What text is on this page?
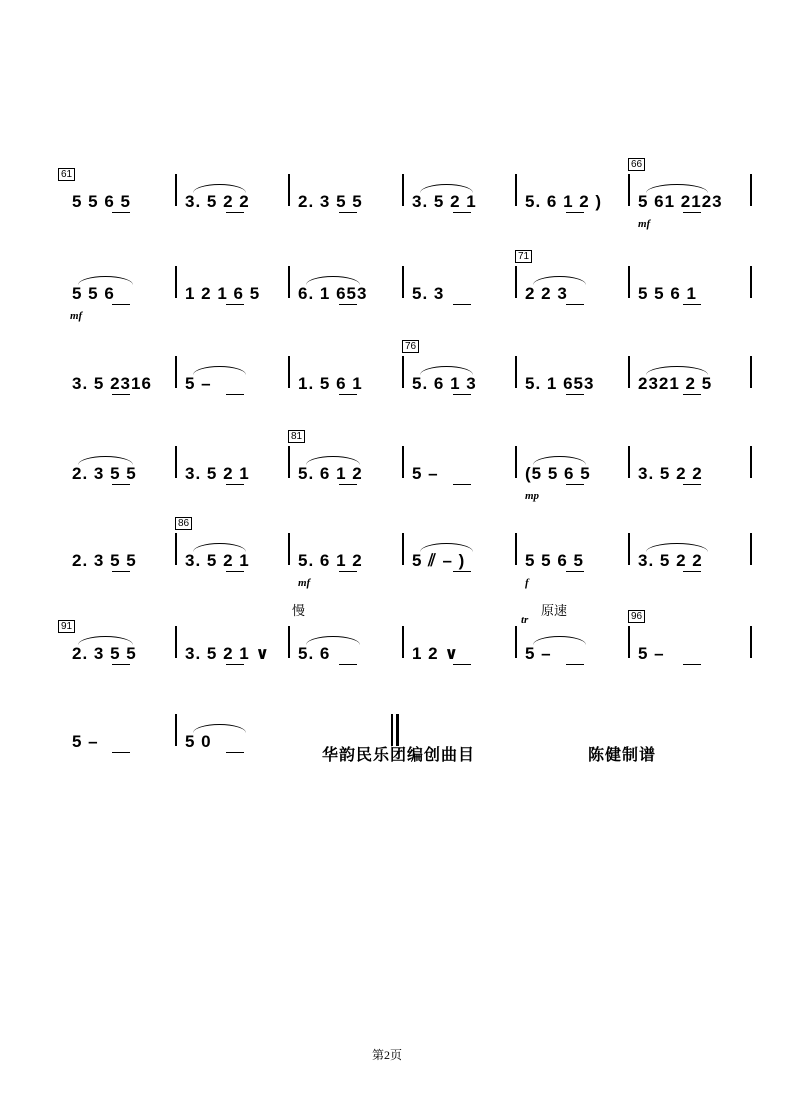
61
5 5 6 5	3. 5 2 2	2. 3 5 5	3. 5 2 1	5. 6 1 2 ) 5 61 2123
66
mf
5 5 6
mf
1 2 1 6 5 6. 1 653	5. 3	2 2 3
71
5 5 6 1
3. 5 2316 5 –	1. 5 6 1	5. 6 1 3
76
5. 1 653	2321 2 5
2. 3 5 5	3. 5 2 1	5. 6 1 2
81
5 –	(5 5 6 5
mp
3. 5 2 2
2. 3 5 5	3. 5 2 1
86
5. 6 1 2
mf
5 ⫽ – )	5 5 6 5
f
3. 5 2 2
91
2. 3 5 5	3. 5 2 1 ∨ 5. 6
慢
1 2 ∨	5 –
tr
原速
5 –
96
5 –	5 0
华韵民乐团编创曲目	陈健制谱
第2页
